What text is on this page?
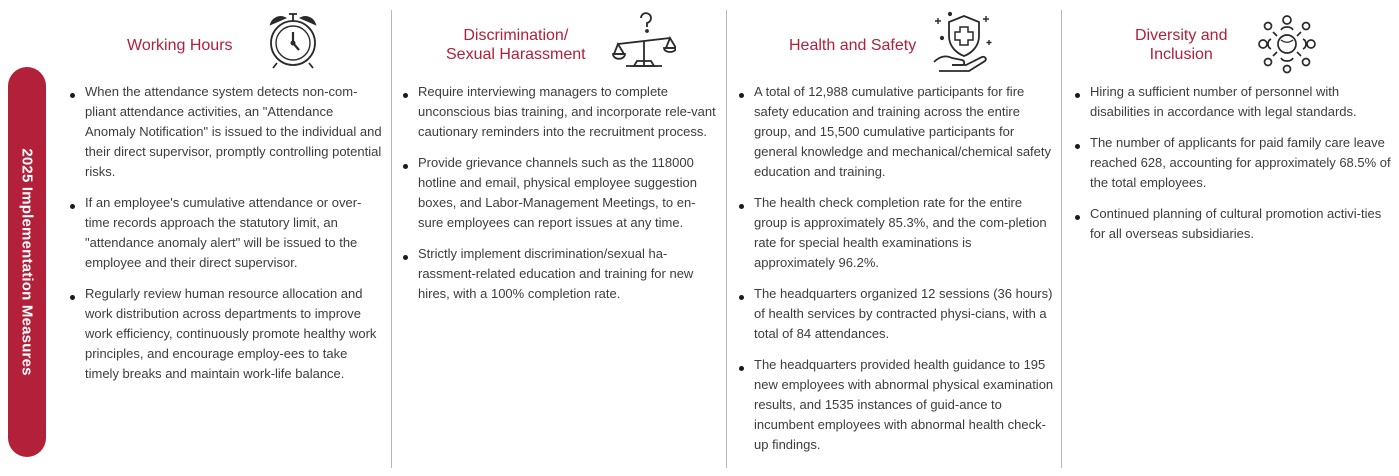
2025 Implementation Measures
Working Hours
When the attendance system detects non-com-pliant attendance activities, an "Attendance Anomaly Notification" is issued to the individual and their direct supervisor, promptly controlling potential risks.
If an employee's cumulative attendance or over-time records approach the statutory limit, an "attendance anomaly alert" will be issued to the employee and their direct supervisor.
Regularly review human resource allocation and work distribution across departments to improve work efficiency, continuously promote healthy work principles, and encourage employ-ees to take timely breaks and maintain work-life balance.
Discrimination/
Sexual Harassment
Require interviewing managers to complete unconscious bias training, and incorporate rele-vant cautionary reminders into the recruitment process.
Provide grievance channels such as the 118000 hotline and email, physical employee suggestion boxes, and Labor-Management Meetings, to en-sure employees can report issues at any time.
Strictly implement discrimination/sexual ha-rassment-related education and training for new hires, with a 100% completion rate.
Health and Safety
A total of 12,988 cumulative participants for fire safety education and training across the entire group, and 15,500 cumulative participants for general knowledge and mechanical/chemical safety education and training.
The health check completion rate for the entire group is approximately 85.3%, and the com-pletion rate for special health examinations is approximately 96.2%.
The headquarters organized 12 sessions (36 hours) of health services by contracted physi-cians, with a total of 84 attendances.
The headquarters provided health guidance to 195 new employees with abnormal physical examination results, and 1535 instances of guid-ance to incumbent employees with abnormal health check-up findings.
Diversity and
Inclusion
Hiring a sufficient number of personnel with disabilities in accordance with legal standards.
The number of applicants for paid family care leave reached 628, accounting for approximately 68.5% of the total employees.
Continued planning of cultural promotion activi-ties for all overseas subsidiaries.
